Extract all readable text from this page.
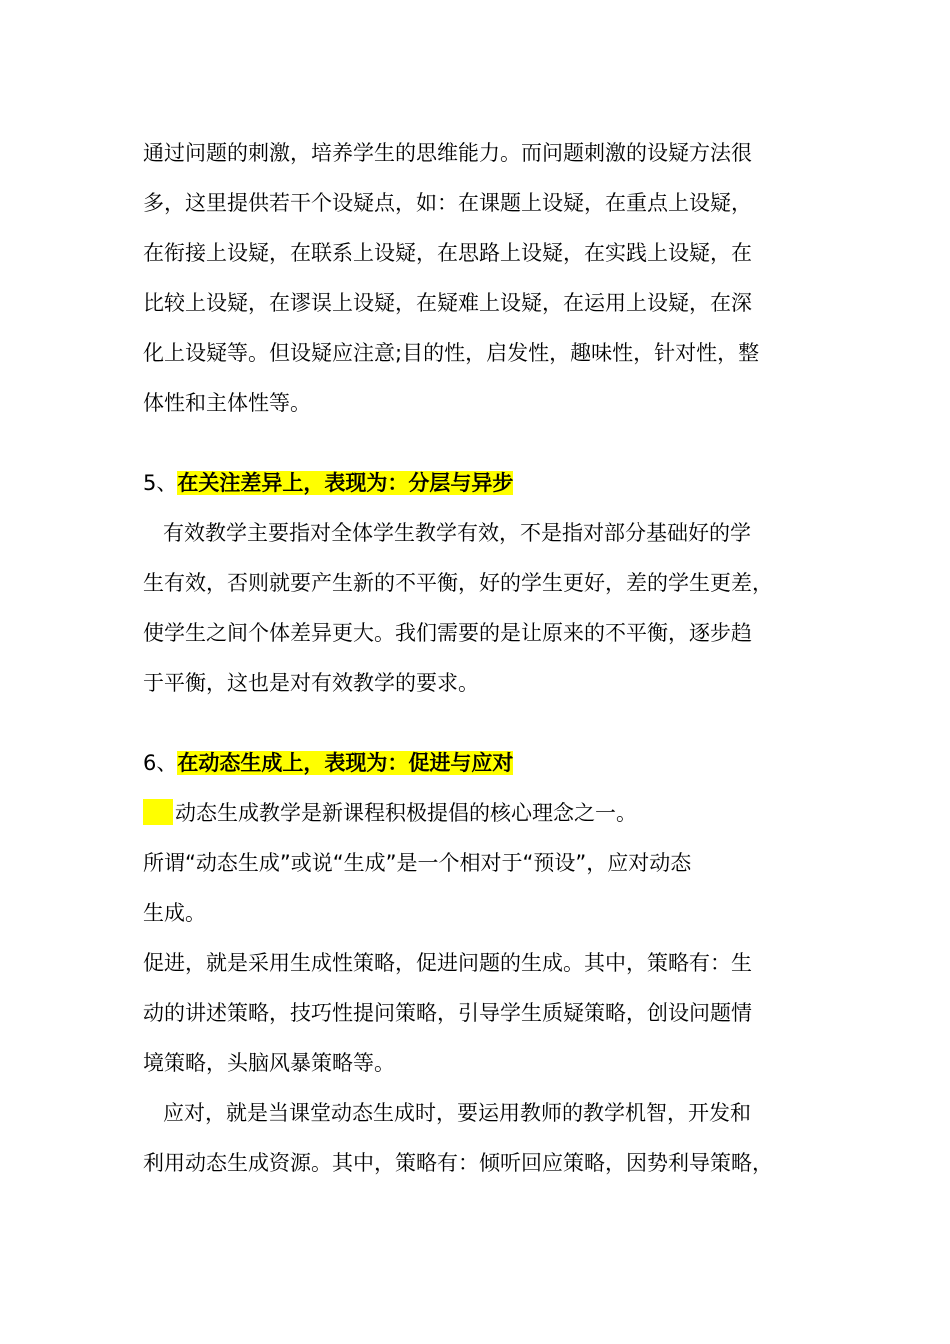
通过问题的刺激，培养学生的思维能力。而问题刺激的设疑方法很
多，这里提供若干个设疑点，如：在课题上设疑，在重点上设疑，
在衔接上设疑，在联系上设疑，在思路上设疑，在实践上设疑，在
比较上设疑，在谬误上设疑，在疑难上设疑，在运用上设疑，在深
化上设疑等。但设疑应注意;目的性，启发性，趣味性，针对性，整
体性和主体性等。
5、在关注差异上，表现为：分层与异步
有效教学主要指对全体学生教学有效，不是指对部分基础好的学
生有效，否则就要产生新的不平衡，好的学生更好，差的学生更差，
使学生之间个体差异更大。我们需要的是让原来的不平衡，逐步趋
于平衡，这也是对有效教学的要求。
6、在动态生成上，表现为：促进与应对
动态生成教学是新课程积极提倡的核心理念之一。
所谓“动态生成”或说“生成”是一个相对于“预设”，应对动态
生成。
促进，就是采用生成性策略，促进问题的生成。其中，策略有：生
动的讲述策略，技巧性提问策略，引导学生质疑策略，创设问题情
境策略，头脑风暴策略等。
应对，就是当课堂动态生成时，要运用教师的教学机智，开发和
利用动态生成资源。其中，策略有：倾听回应策略，因势利导策略，
